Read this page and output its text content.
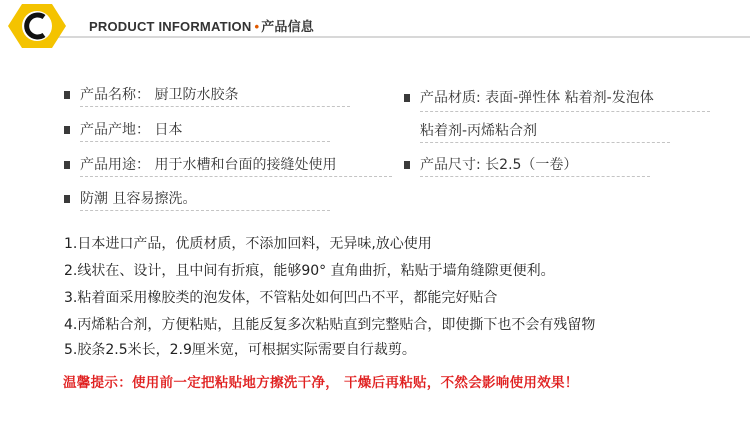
PRODUCT INFORMATION • 产品信息
产品名称： 厨卫防水胶条
产品产地： 日本
产品用途： 用于水槽和台面的接缝处使用
防潮 且容易擦洗。
产品材质: 表面-弹性体 粘着剂-发泡体
粘着剂-丙烯粘合剂
产品尺寸: 长2.5（一卷）
1.日本进口产品，优质材质，不添加回料，无异味,放心使用
2.线状在、设计，且中间有折痕，能够90° 直角曲折，粘贴于墙角缝隙更便利。
3.粘着面采用橡胶类的泡发体，不管粘处如何凹凸不平，都能完好贴合
4.丙烯粘合剂，方便粘贴，且能反复多次粘贴直到完整贴合，即使撕下也不会有残留物
5.胶条2.5米长，2.9厘米宽，可根据实际需要自行裁剪。
温馨提示：使用前一定把粘贴地方擦洗干净， 干燥后再粘贴，不然会影响使用效果！
